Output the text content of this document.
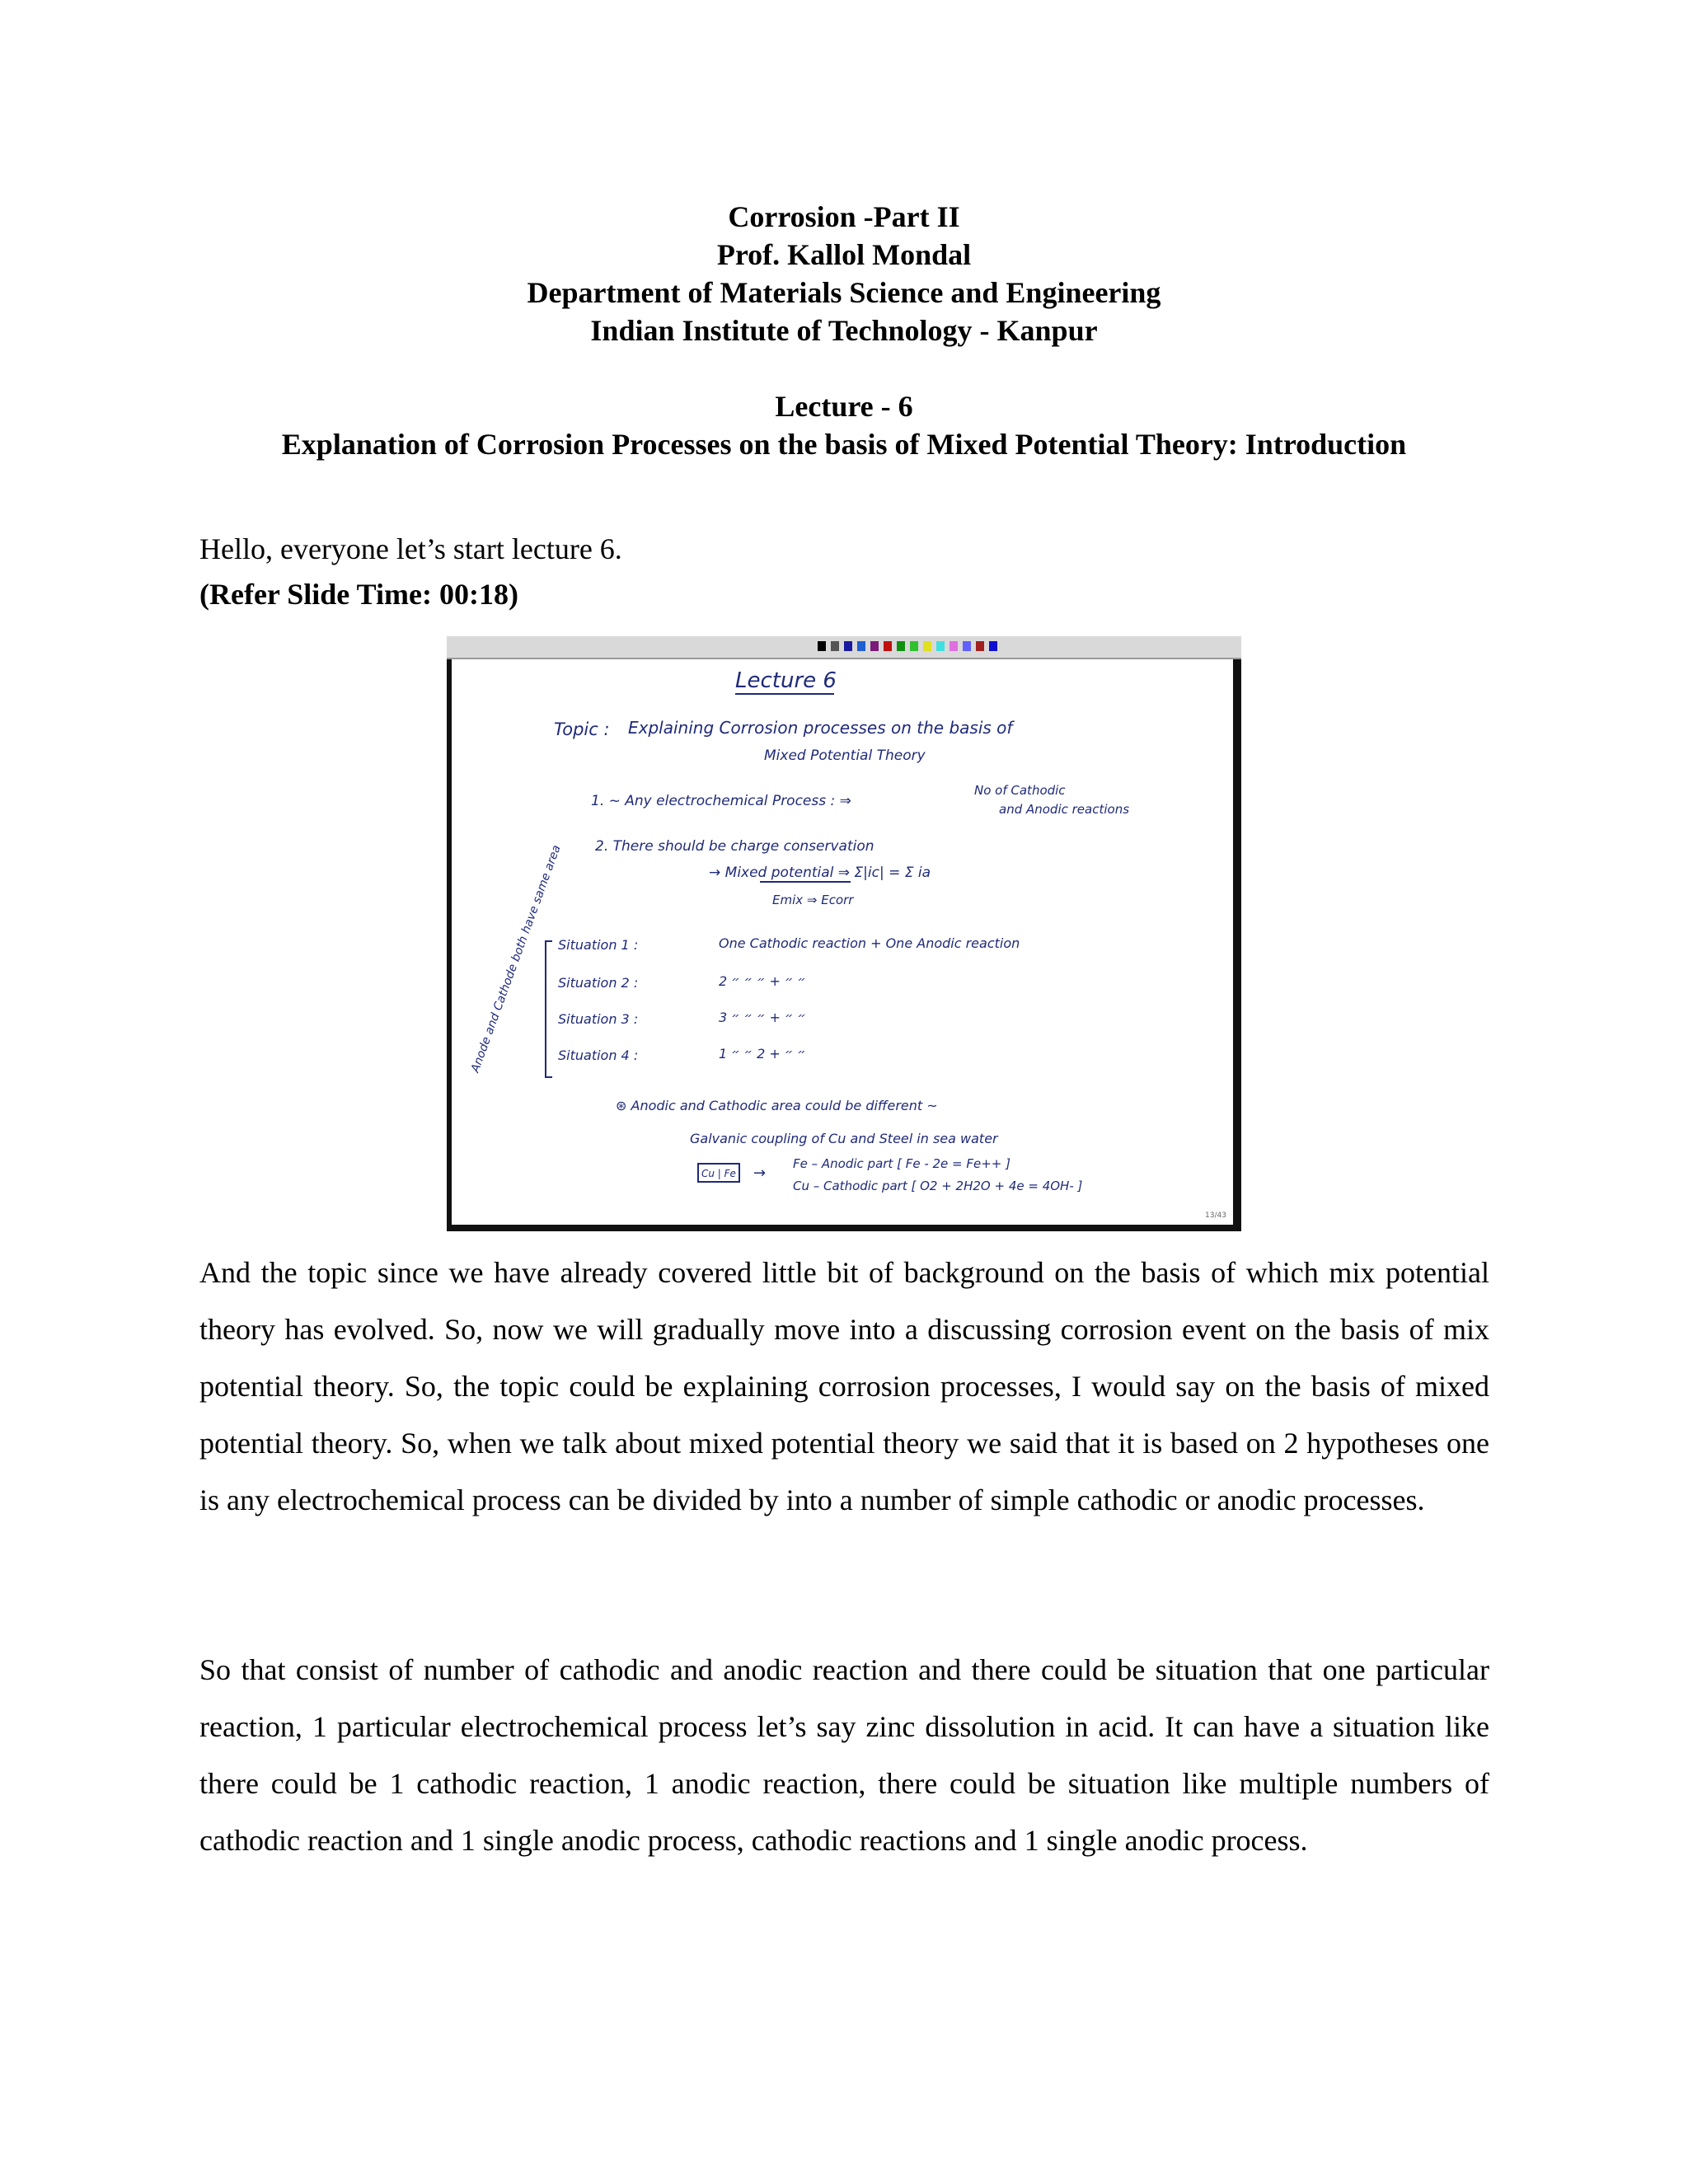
Corrosion -Part II
Prof. Kallol Mondal
Department of Materials Science and Engineering
Indian Institute of Technology - Kanpur
Lecture - 6
Explanation of Corrosion Processes on the basis of Mixed Potential Theory: Introduction

Hello, everyone let’s start lecture 6.

(Refer Slide Time: 00:18)

Lecture 6
Topic : Explaining Corrosion processes on the basis of
Mixed Potential Theory
1. ~ Any electrochemical Process : ⇒
No of Cathodic
and Anodic reactions
2. There should be charge conservation
→ Mixed potential ⇒ Σ|ic| = Σ ia
Emix ⇒ Ecorr
Situation 1 :	One Cathodic reaction + One Anodic reaction
Situation 2 :	2 ״ ״ + ״ ״ ״
Situation 3 :	3 ״ ״ + ״ ״ ״
Situation 4 :	1 ״ ״ + 2 ״ ״
Anode and Cathode both have same area
⊛ Anodic and Cathodic area could be different ~
Galvanic coupling of Cu and Steel in sea water
Cu | Fe →
Fe – Anodic part [ Fe - 2e = Fe++ ]
Cu – Cathodic part [ O2 + 2H2O + 4e = 4OH- ]
13/43

And the topic since we have already covered little bit of background on the basis of which mix potential theory has evolved. So, now we will gradually move into a discussing corrosion event on the basis of mix potential theory. So, the topic could be explaining corrosion processes, I would say on the basis of mixed potential theory. So, when we talk about mixed potential theory we said that it is based on 2 hypotheses one is any electrochemical process can be divided by into a number of simple cathodic or anodic processes.

So that consist of number of cathodic and anodic reaction and there could be situation that one particular reaction, 1 particular electrochemical process let’s say zinc dissolution in acid. It can have a situation like there could be 1 cathodic reaction, 1 anodic reaction, there could be situation like multiple numbers of cathodic reaction and 1 single anodic process, cathodic reactions and 1 single anodic process.
